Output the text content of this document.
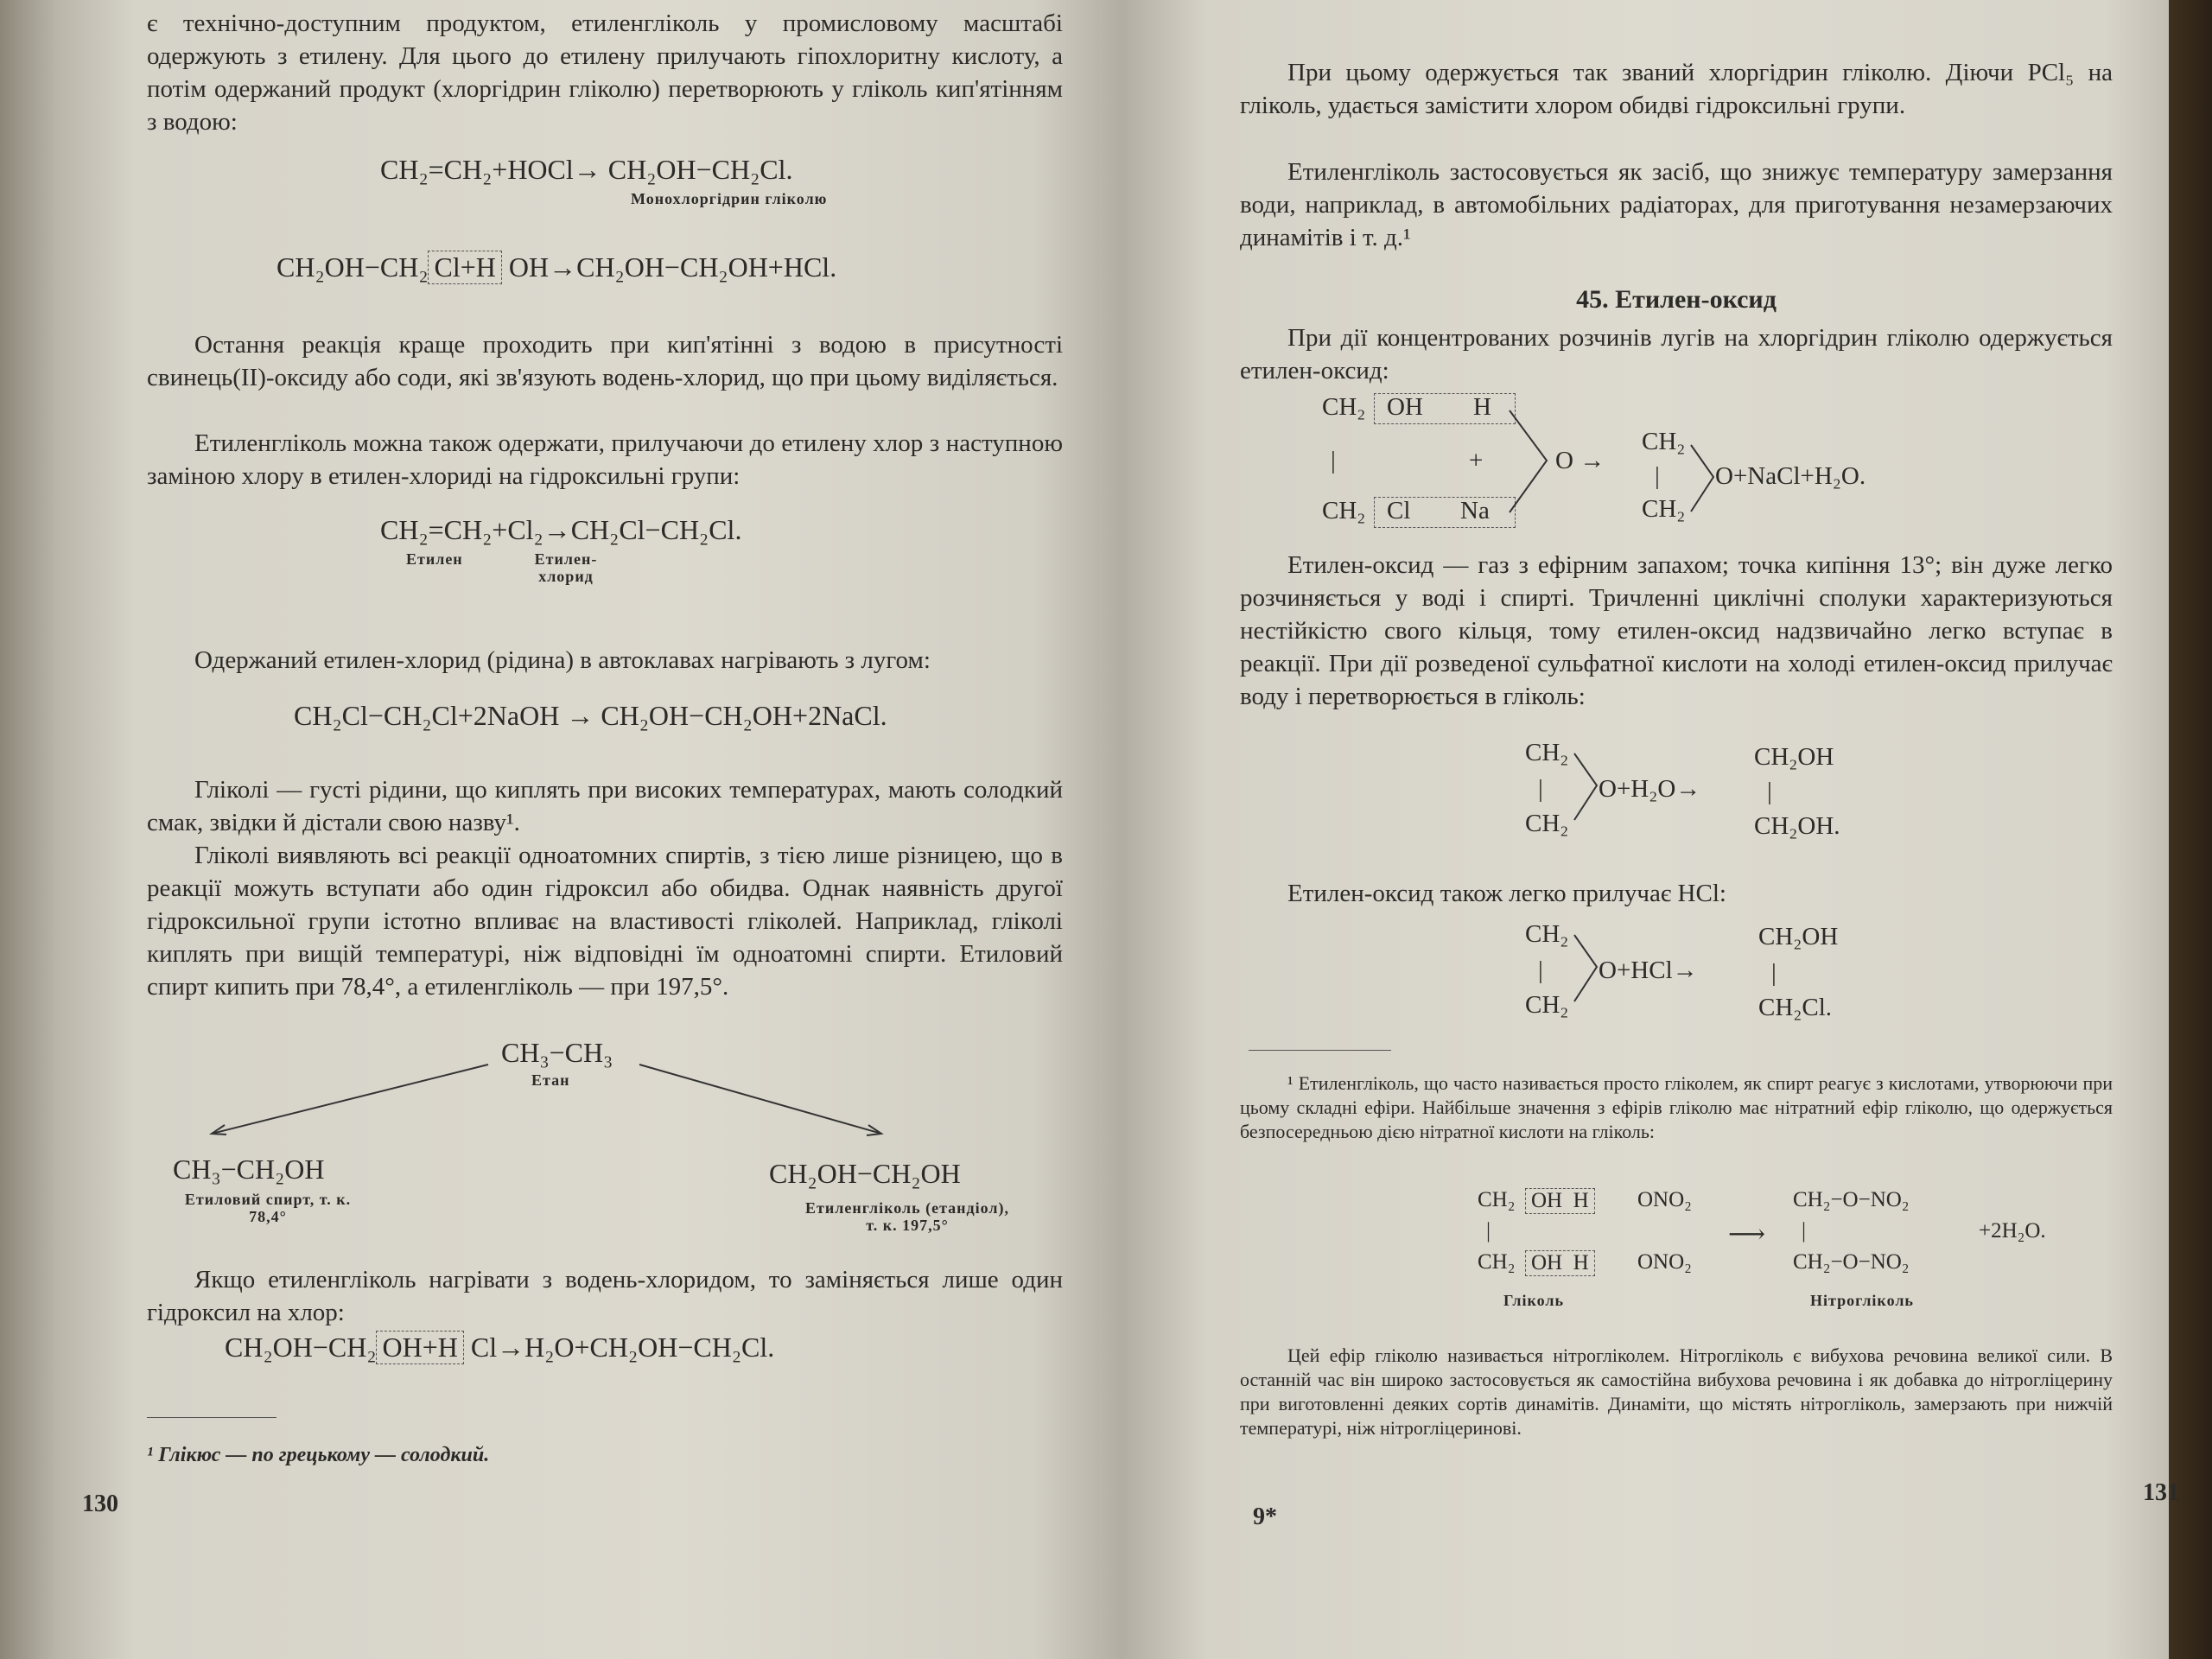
є технічно-доступним продуктом, етиленгліколь у промисловому масштабі одержують з етилену. Для цього до етилену прилучають гіпохлоритну кислоту, а потім одержаний продукт (хлоргідрин гліколю) перетворюють у гліколь кип'ятінням з водою:

CH₂=CH₂+HOCl→ CH₂OH−CH₂Cl.
Монохлоргідрин гліколю
CH₂OH−CH₂ Cl+H OH→CH₂OH−CH₂OH+HCl.

Остання реакція краще проходить при кип'ятінні з водою в присутності свинець(II)-оксиду або соди, які зв'язують водень-хлорид, що при цьому виділяється.

Етиленгліколь можна також одержати, прилучаючи до етилену хлор з наступною заміною хлору в етилен-хлориді на гідроксильні групи:

CH₂=CH₂+Cl₂→CH₂Cl−CH₂Cl.
Етилен	Етилен-хлорид

Одержаний етилен-хлорид (рідина) в автоклавах нагрівають з лугом:

CH₂Cl−CH₂Cl+2NaOH → CH₂OH−CH₂OH+2NaCl.

Гліколі — густі рідини, що киплять при високих температурах, мають солодкий смак, звідки й дістали свою назву¹.

Гліколі виявляють всі реакції одноатомних спиртів, з тією лише різницею, що в реакції можуть вступати або один гідроксил або обидва. Однак наявність другої гідроксильної групи істотно впливає на властивості гліколей. Наприклад, гліколі киплять при вищій температурі, ніж відповідні їм одноатомні спирти. Етиловий спирт кипить при 78,4°, а етиленгліколь — при 197,5°.

CH₃−CH₃
Етан
CH₃−CH₂OH
Етиловий спирт, т. к.
78,4°
CH₂OH−CH₂OH
Етиленгліколь (етандіол),
т. к. 197,5°

Якщо етиленгліколь нагрівати з водень-хлоридом, то заміняється лише один гідроксил на хлор:

CH₂OH−CH₂ OH+H Cl→H₂O+CH₂OH−CH₂Cl.

¹ Глікюс — по грецькому — солодкий.

130

При цьому одержується так званий хлоргідрин гліколю. Діючи PCl₅ на гліколь, удається замістити хлором обидві гідроксильні групи.

Етиленгліколь застосовується як засіб, що знижує температуру замерзання води, наприклад, в автомобільних радіаторах, для приготування незамерзаючих динамітів і т. д.¹

45. Етилен-оксид

При дії концентрованих розчинів лугів на хлоргідрин гліколю одержується етилен-оксид:

CH₂ OH H
|	+
CH₂ Cl Na
O →
CH₂
|
CH₂
O+NaCl+H₂O.

Етилен-оксид — газ з ефірним запахом; точка кипіння 13°; він дуже легко розчиняється у воді і спирті. Тричленні циклічні сполуки характеризуються нестійкістю свого кільця, тому етилен-оксид надзвичайно легко вступає в реакції. При дії розведеної сульфатної кислоти на холоді етилен-оксид прилучає воду і перетворюється в гліколь:

CH₂
|
CH₂
O+H₂O→
CH₂OH
|
CH₂OH.

Етилен-оксид також легко прилучає HCl:

CH₂
|
CH₂
O+HCl→
CH₂OH
|
CH₂Cl.

¹ Етиленгліколь, що часто називається просто гліколем, як спирт реагує з кислотами, утворюючи при цьому складні ефіри. Найбільше значення з ефірів гліколю має нітратний ефір гліколю, що одержується безпосередньою дією нітратної кислоти на гліколь:

CH₂ OH  H ONO₂
|
CH₂ OH  H ONO₂
Гліколь
⟶
CH₂−O−NO₂
|
CH₂−O−NO₂
+2H₂O.
Нітрогліколь

Цей ефір гліколю називається нітрогліколем. Нітрогліколь є вибухова речовина великої сили. В останній час він широко застосовується як самостійна вибухова речовина і як добавка до нітрогліцерину при виготовленні деяких сортів динамітів. Динаміти, що містять нітрогліколь, замерзають при нижчій температурі, ніж нітрогліцеринові.

9*
131
